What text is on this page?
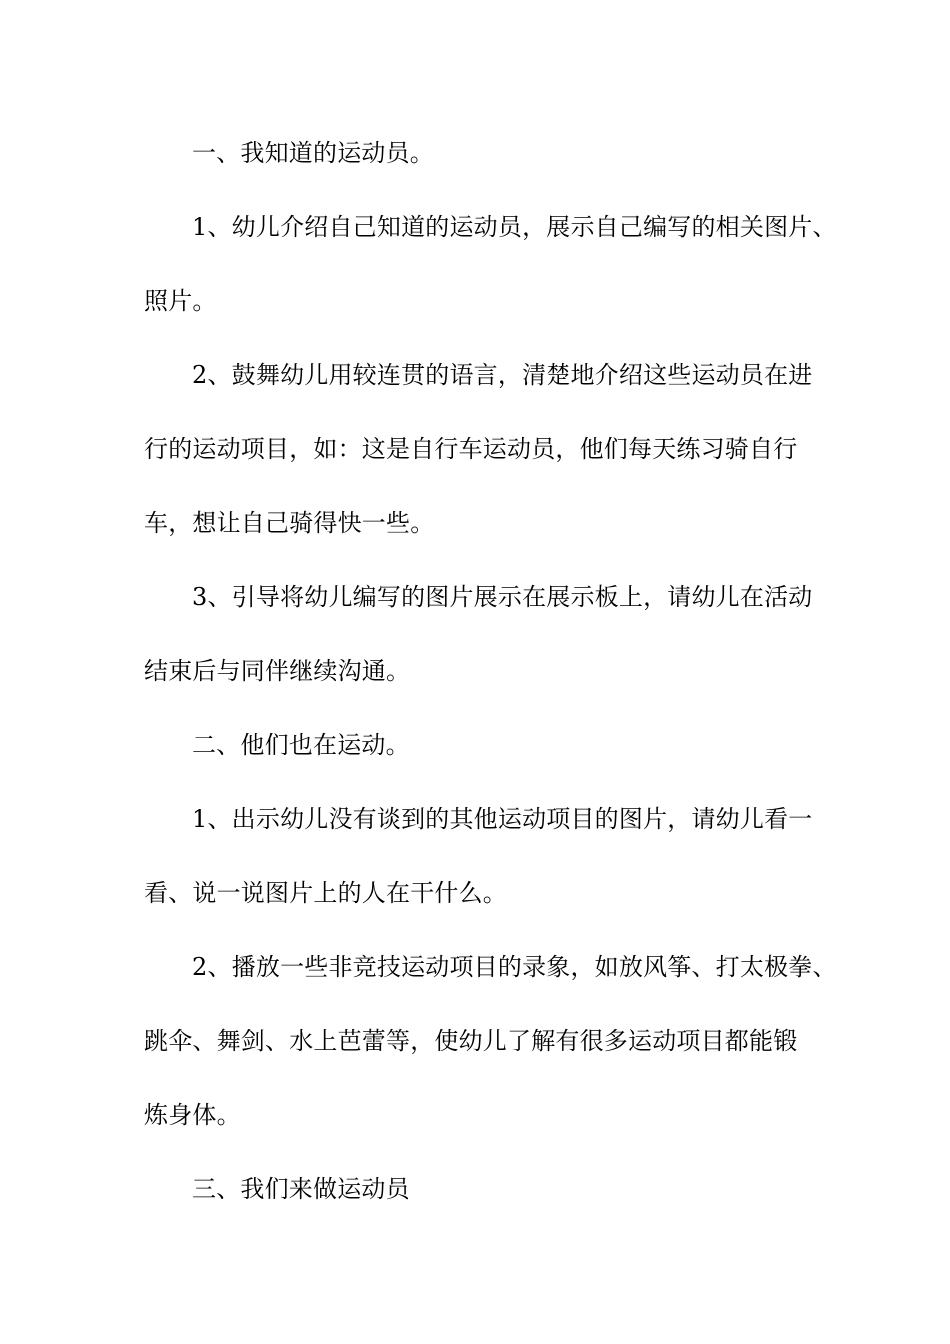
一、我知道的运动员。
1、幼儿介绍自己知道的运动员，展示自己编写的相关图片、
照片。
2、鼓舞幼儿用较连贯的语言，清楚地介绍这些运动员在进
行的运动项目，如：这是自行车运动员，他们每天练习骑自行
车，想让自己骑得快一些。
3、引导将幼儿编写的图片展示在展示板上，请幼儿在活动
结束后与同伴继续沟通。
二、他们也在运动。
1、出示幼儿没有谈到的其他运动项目的图片，请幼儿看一
看、说一说图片上的人在干什么。
2、播放一些非竞技运动项目的录象，如放风筝、打太极拳、
跳伞、舞剑、水上芭蕾等，使幼儿了解有很多运动项目都能锻
炼身体。
三、我们来做运动员
